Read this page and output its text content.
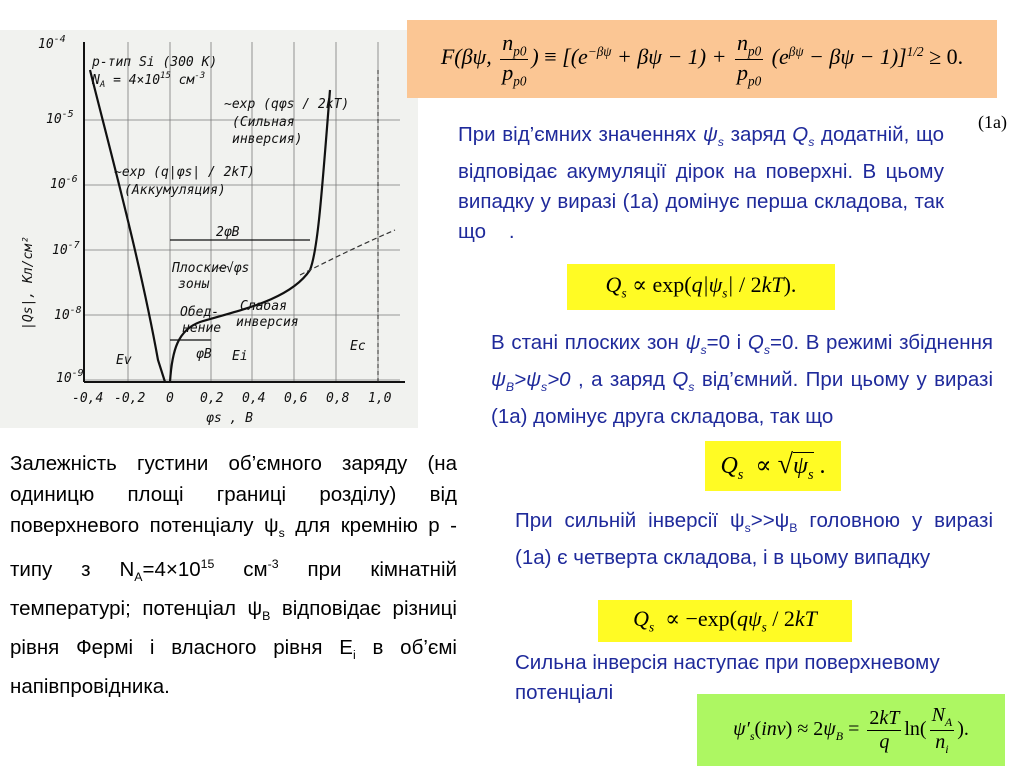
$10^{-4}$
$10^{-5}$
$10^{-6}$
$10^{-7}$
$10^{-8}$
$10^{-9}$
-0,4 -0,2 0 0,2 0,4 0,6 0,8 1,0
p-тип Si (300 K)
$N_A = 4\times 10^{15}$ $см^{-3}$
~exp (qφs / 2kT)
(Сильная
инверсия)
~exp (q|φs| / 2kT)
(Аккумуляция)
2φB
Плоские
зоны
~√φs
Слабая
инверсия
Обед-
нение
φB
Ev	Ei
Ec
φs , В
|Qs|, Кл/см²
F(βψ, $\frac{n_{p0}}{p_{p0}}$ ) ≡ $[(e^{-\beta\psi} + \beta\psi - 1) + \frac{n_{p0}}{p_{p0}} (e^{\beta\psi} - \beta\psi - 1)]^{1/2} \ge 0$.
(1a)
При від’ємних значеннях $\psi_s$ заряд $Q_s$ додатній, що відповідає акумуляції дірок на поверхні. В цьому випадку у виразі (1a) домінує перша складова, так що .
$Q_s \propto \exp(q|\psi_s| / 2kT)$.
В стані плоских зон $\psi_s=0$ і $Q_s=0$. В режимі збіднення $\psi_B>\psi_s>0$ , а заряд $Q_s$ від’ємний. При цьому у виразі (1a) домінує друга складова, так що
$Q_s \propto √\psi_s$ .
При сильній інверсії $\psi_s>>\psi_B$ головною у виразі (1a) є четверта складова, і в цьому випадку
$Q_s \propto -\exp(q\psi_s / 2kT$
Сильна інверсія наступає при поверхневому потенціалі
$\psi'_s(inv) \approx 2\psi_B = \frac{2kT}{q} \ln( \frac{N_A}{n_i}$ ).
Залежність густини об’ємного заряду (на одиницю площі границі розділу) від поверхневого потенціалу $\psi_s$ для кремнію р - типу з $N_A=4\times 10^{15}$ $см^{-3}$ при кімнатній температурі; потенціал $\psi_B$ відповідає різниці рівня Фермі і власного рівня $E_i$ в об’ємі напівпровідника.
